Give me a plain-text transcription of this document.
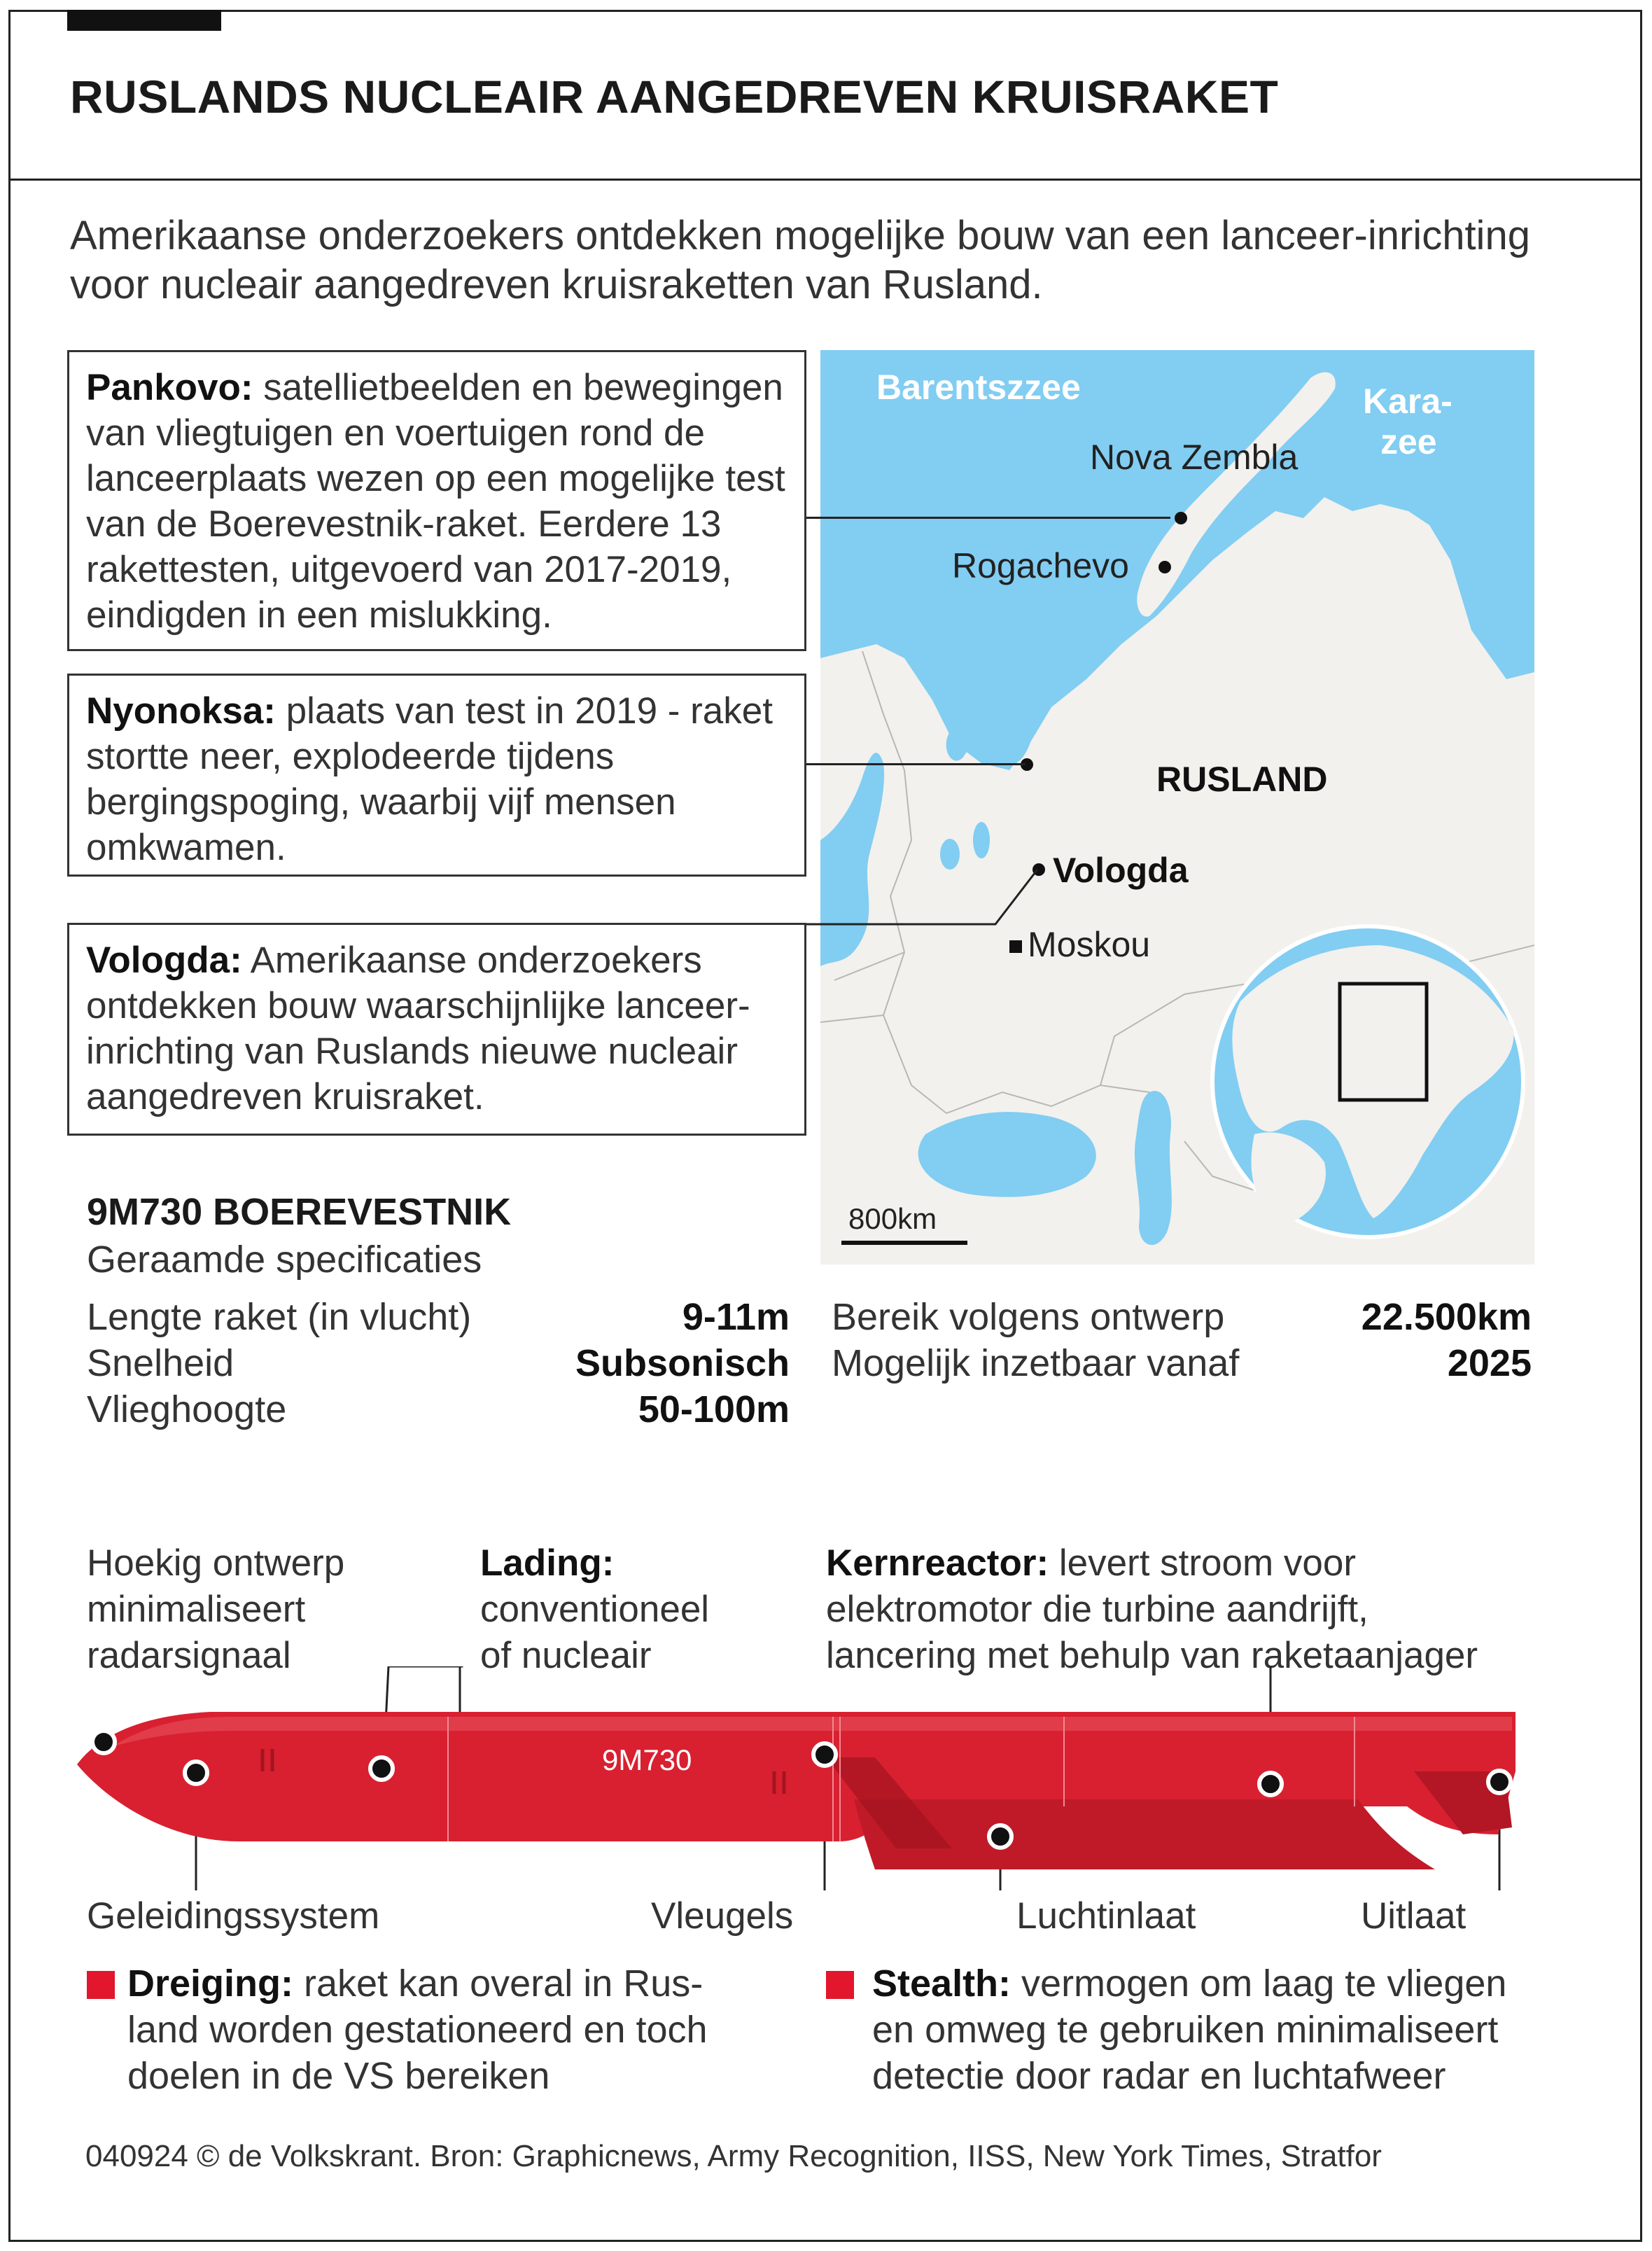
RUSLANDS NUCLEAIR AANGEDREVEN KRUISRAKET
Amerikaanse onderzoekers ontdekken mogelijke bouw van een lanceer-inrichting voor nucleair aangedreven kruisraketten van Rusland.
800km
Barentszzee	Kara-
zee
Nova Zembla
Rogachevo
RUSLAND
Vologda
Moskou
Pankovo: satellietbeelden en bewegingen van vliegtuigen en voertuigen rond de lanceerplaats wezen op een mogelijke test van de Boerevestnik-raket. Eerdere 13 rakettesten, uitgevoerd van 2017-2019, eindigden in een mislukking.
Nyonoksa: plaats van test in 2019 - raket stortte neer, explodeerde tijdens bergingspoging, waarbij vijf mensen omkwamen.
Vologda: Amerikaanse onderzoekers ontdekken bouw waarschijnlijke lanceer-inrichting van Ruslands nieuwe nucleair aangedreven kruisraket.
9M730 BOEREVESTNIK
Geraamde specificaties
Lengte raket (in vlucht)	9-11m
Snelheid	Subsonisch
Vlieghoogte	50-100m
Bereik volgens ontwerp	22.500km
Mogelijk inzetbaar vanaf	2025
Hoekig ontwerp
minimaliseert
radarsignaal
Lading:
conventioneel
of nucleair
Kernreactor: levert stroom voor
elektromotor die turbine aandrijft,
lancering met behulp van raketaanjager
9M730
Geleidingssystem	Vleugels	Luchtinlaat	Uitlaat
Dreiging: raket kan overal in Rus-
land worden gestationeerd en toch
doelen in de VS bereiken
Stealth: vermogen om laag te vliegen
en omweg te gebruiken minimaliseert
detectie door radar en luchtafweer
040924 © de Volkskrant. Bron: Graphicnews, Army Recognition, IISS, New York Times, Stratfor
